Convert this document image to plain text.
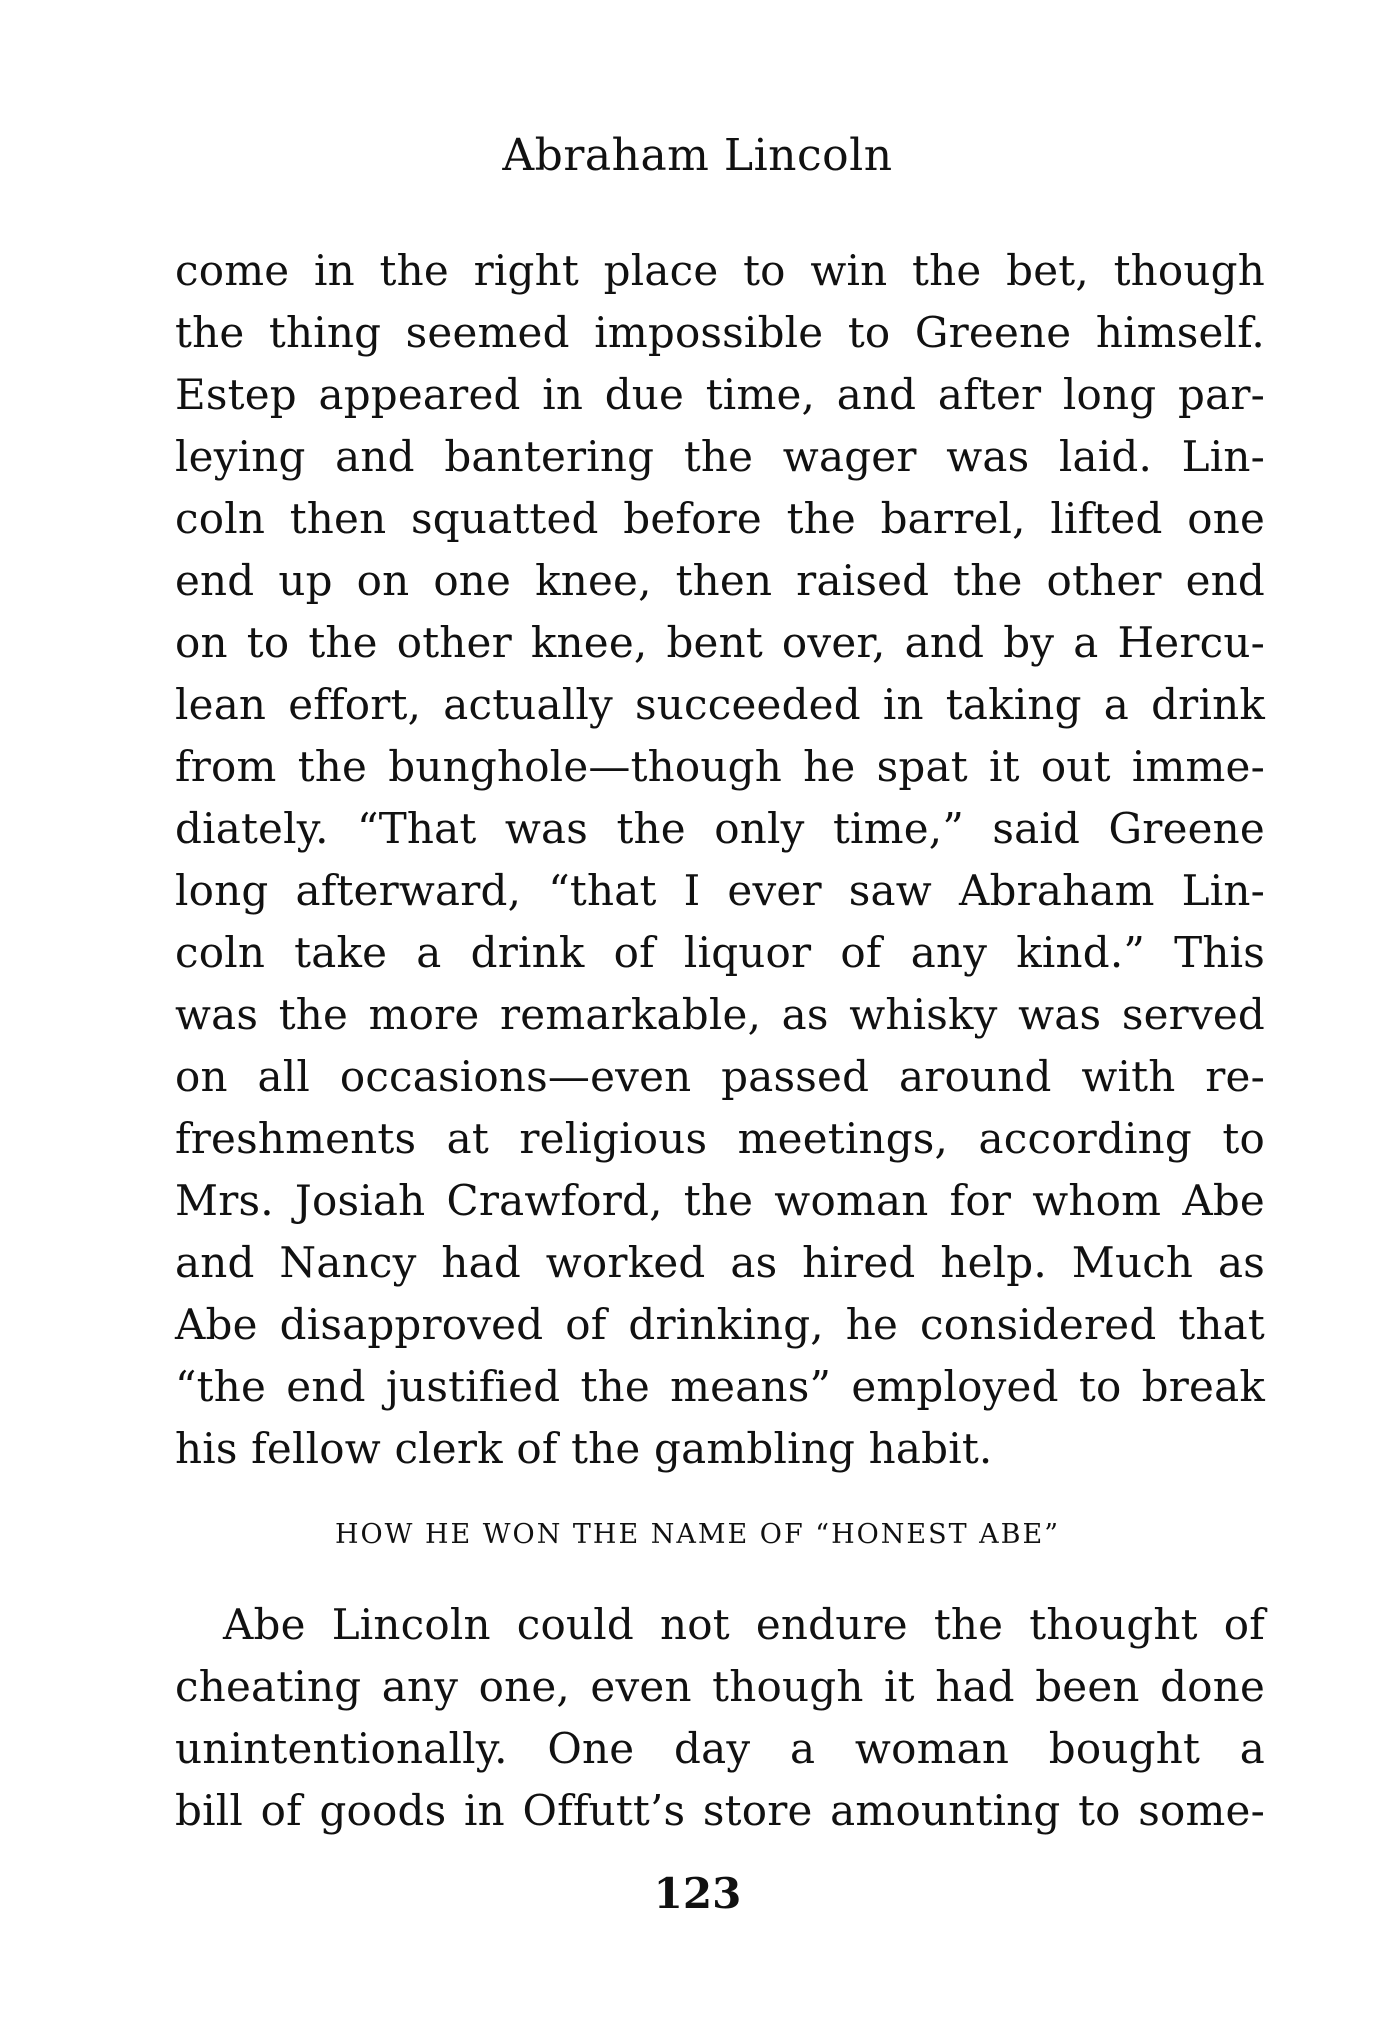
Abraham Lincoln
come in the right place to win the bet, though
the thing seemed impossible to Greene himself.
Estep appeared in due time, and after long par-
leying and bantering the wager was laid. Lin-
coln then squatted before the barrel, lifted one
end up on one knee, then raised the other end
on to the other knee, bent over, and by a Hercu-
lean effort, actually succeeded in taking a drink
from the bunghole—though he spat it out imme-
diately. “That was the only time,” said Greene
long afterward, “that I ever saw Abraham Lin-
coln take a drink of liquor of any kind.” This
was the more remarkable, as whisky was served
on all occasions—even passed around with re-
freshments at religious meetings, according to
Mrs. Josiah Crawford, the woman for whom Abe
and Nancy had worked as hired help. Much as
Abe disapproved of drinking, he considered that
“the end justified the means” employed to break
his fellow clerk of the gambling habit.
HOW HE WON THE NAME OF “HONEST ABE”
Abe Lincoln could not endure the thought of
cheating any one, even though it had been done
unintentionally. One day a woman bought a
bill of goods in Offutt’s store amounting to some-
123
